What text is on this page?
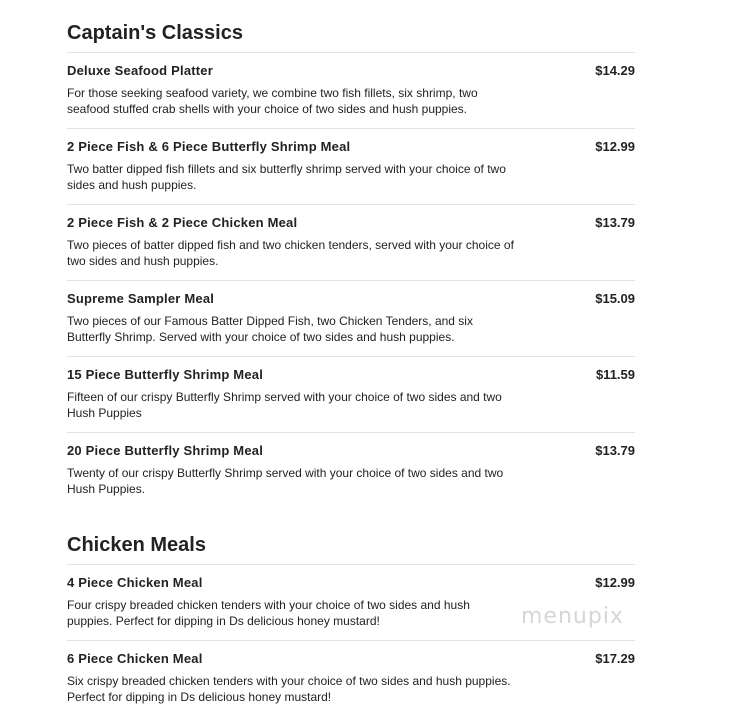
Captain's Classics
Deluxe Seafood Platter	$14.29
For those seeking seafood variety, we combine two fish fillets, six shrimp, two seafood stuffed crab shells with your choice of two sides and hush puppies.
2 Piece Fish & 6 Piece Butterfly Shrimp Meal	$12.99
Two batter dipped fish fillets and six butterfly shrimp served with your choice of two sides and hush puppies.
2 Piece Fish & 2 Piece Chicken Meal	$13.79
Two pieces of batter dipped fish and two chicken tenders, served with your choice of two sides and hush puppies.
Supreme Sampler Meal	$15.09
Two pieces of our Famous Batter Dipped Fish, two Chicken Tenders, and six Butterfly Shrimp. Served with your choice of two sides and hush puppies.
15 Piece Butterfly Shrimp Meal	$11.59
Fifteen of our crispy Butterfly Shrimp served with your choice of two sides and two Hush Puppies
20 Piece Butterfly Shrimp Meal	$13.79
Twenty of our crispy Butterfly Shrimp served with your choice of two sides and two Hush Puppies.
Chicken Meals
4 Piece Chicken Meal	$12.99
Four crispy breaded chicken tenders with your choice of two sides and hush puppies. Perfect for dipping in Ds delicious honey mustard!
6 Piece Chicken Meal	$17.29
Six crispy breaded chicken tenders with your choice of two sides and hush puppies. Perfect for dipping in Ds delicious honey mustard!
menupix
